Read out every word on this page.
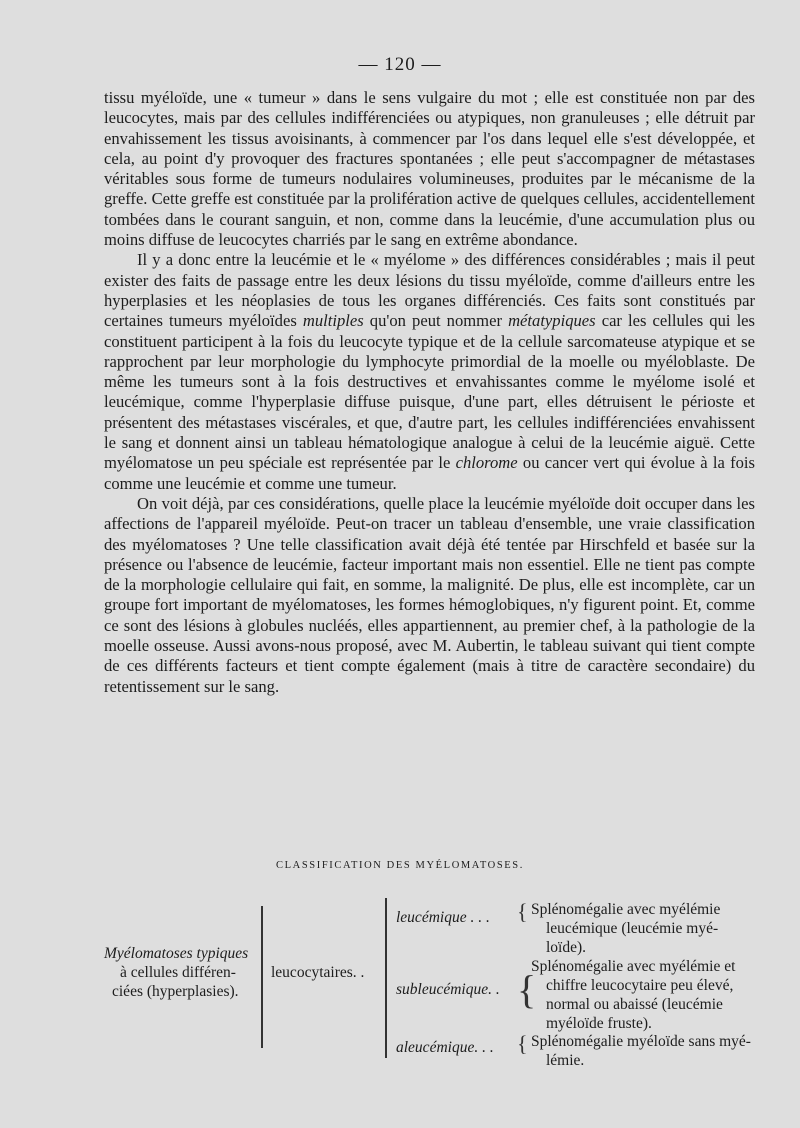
— 120 —

tissu myéloïde, une « tumeur » dans le sens vulgaire du mot ; elle est constituée non par des leucocytes, mais par des cellules indifférenciées ou atypiques, non granuleuses ; elle détruit par envahissement les tissus avoisinants, à commencer par l'os dans lequel elle s'est développée, et cela, au point d'y provoquer des fractures spontanées ; elle peut s'accompagner de métastases véritables sous forme de tumeurs nodulaires volumineuses, produites par le mécanisme de la greffe. Cette greffe est constituée par la prolifération active de quelques cellules, accidentellement tombées dans le courant sanguin, et non, comme dans la leucémie, d'une accumulation plus ou moins diffuse de leucocytes charriés par le sang en extrême abondance.

Il y a donc entre la leucémie et le « myélome » des différences considérables ; mais il peut exister des faits de passage entre les deux lésions du tissu myéloïde, comme d'ailleurs entre les hyperplasies et les néoplasies de tous les organes différenciés. Ces faits sont constitués par certaines tumeurs myéloïdes multiples qu'on peut nommer métatypiques car les cellules qui les constituent participent à la fois du leucocyte typique et de la cellule sarcomateuse atypique et se rapprochent par leur morphologie du lymphocyte primordial de la moelle ou myéloblaste. De même les tumeurs sont à la fois destructives et envahissantes comme le myélome isolé et leucémique, comme l'hyperplasie diffuse puisque, d'une part, elles détruisent le périoste et présentent des métastases viscérales, et que, d'autre part, les cellules indifférenciées envahissent le sang et donnent ainsi un tableau hématologique analogue à celui de la leucémie aiguë. Cette myélomatose un peu spéciale est représentée par le chlorome ou cancer vert qui évolue à la fois comme une leucémie et comme une tumeur.

On voit déjà, par ces considérations, quelle place la leucémie myéloïde doit occuper dans les affections de l'appareil myéloïde. Peut-on tracer un tableau d'ensemble, une vraie classification des myélomatoses ? Une telle classification avait déjà été tentée par Hirschfeld et basée sur la présence ou l'absence de leucémie, facteur important mais non essentiel. Elle ne tient pas compte de la morphologie cellulaire qui fait, en somme, la malignité. De plus, elle est incomplète, car un groupe fort important de myélomatoses, les formes hémoglobiques, n'y figurent point. Et, comme ce sont des lésions à globules nucléés, elles appartiennent, au premier chef, à la pathologie de la moelle osseuse. Aussi avons-nous proposé, avec M. Aubertin, le tableau suivant qui tient compte de ces différents facteurs et tient compte également (mais à titre de caractère secondaire) du retentissement sur le sang.

CLASSIFICATION DES MYÉLOMATOSES.
Myélomatoses typiques
à cellules différen-
ciées (hyperplasies).
leucocytaires. .
leucémique . . . { Splénomégalie avec myélémie
leucémique (leucémie myé-
loïde).
subleucémique. . {
Splénomégalie avec myélémie et
chiffre leucocytaire peu élevé,
normal ou abaissé (leucémie
myéloïde fruste).
aleucémique. . . { Splénomégalie myéloïde sans myé-
lémie.
